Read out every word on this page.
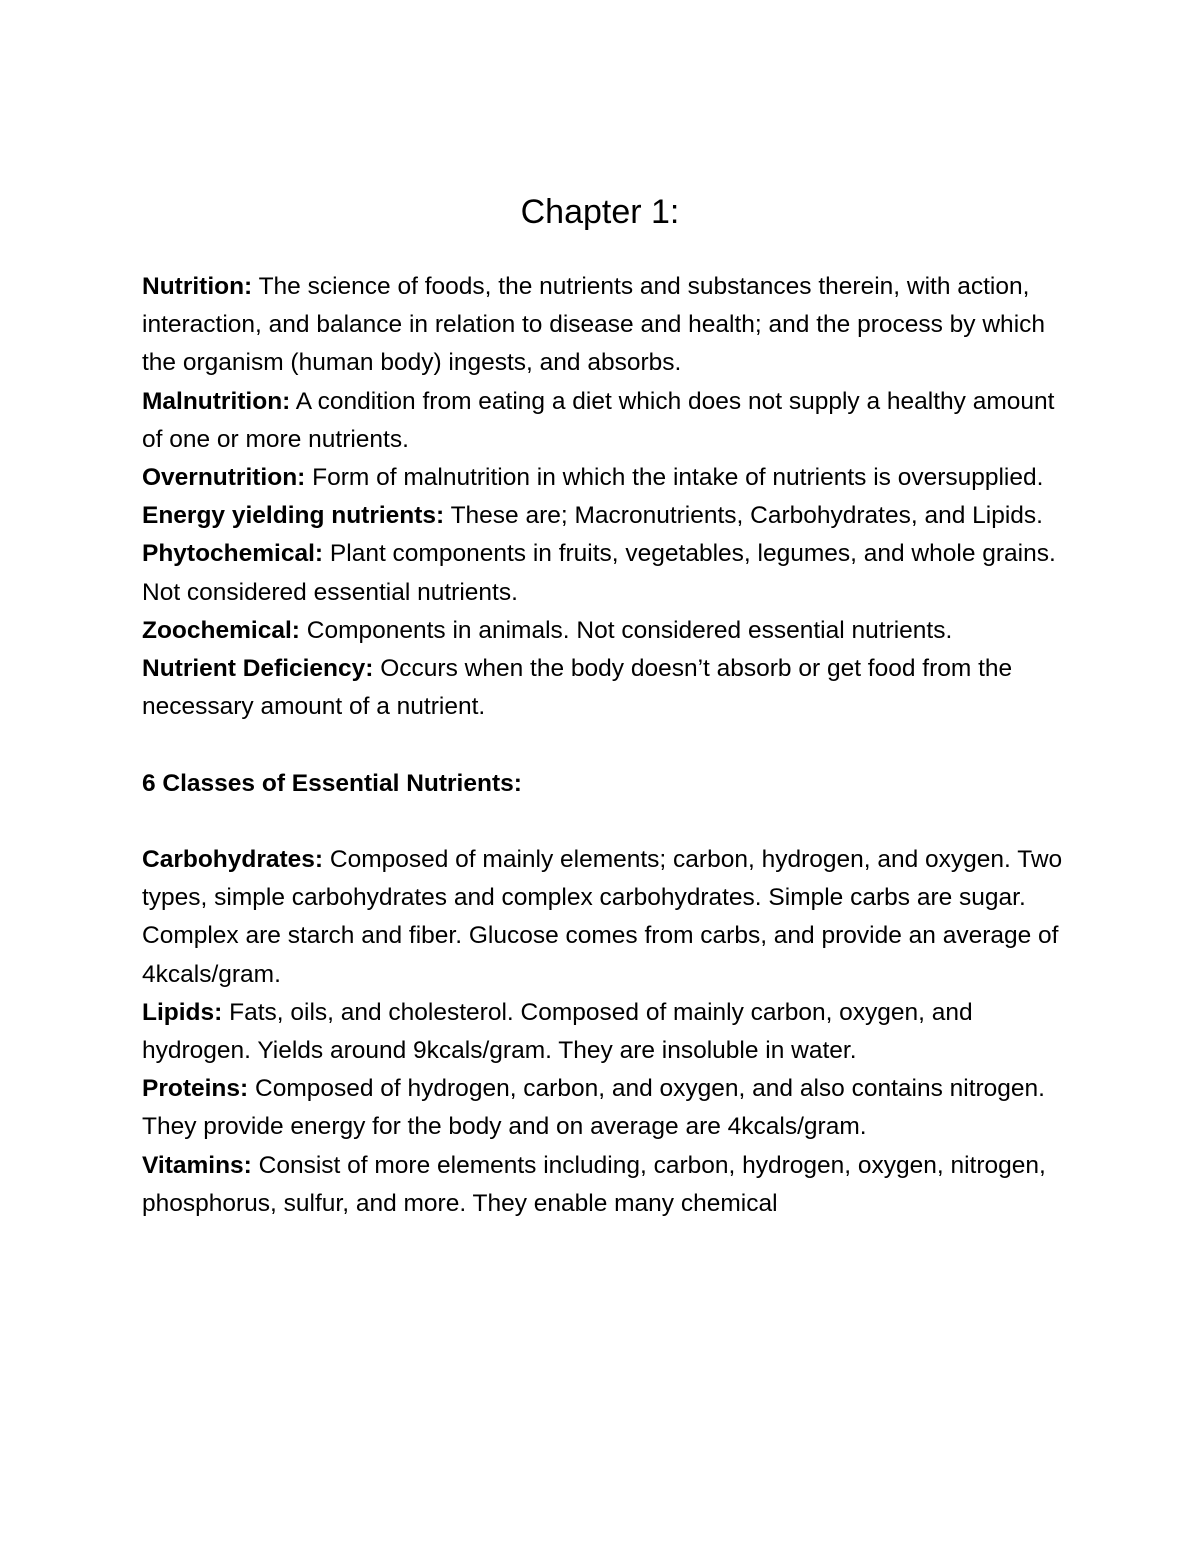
Chapter 1:

Nutrition: The science of foods, the nutrients and substances therein, with action, interaction, and balance in relation to disease and health; and the process by which the organism (human body) ingests, and absorbs.

Malnutrition: A condition from eating a diet which does not supply a healthy amount of one or more nutrients.

Overnutrition: Form of malnutrition in which the intake of nutrients is oversupplied.

Energy yielding nutrients: These are; Macronutrients, Carbohydrates, and Lipids.

Phytochemical: Plant components in fruits, vegetables, legumes, and whole grains. Not considered essential nutrients.

Zoochemical: Components in animals. Not considered essential nutrients.

Nutrient Deficiency: Occurs when the body doesn’t absorb or get food from the necessary amount of a nutrient.

6 Classes of Essential Nutrients:

Carbohydrates: Composed of mainly elements; carbon, hydrogen, and oxygen. Two types, simple carbohydrates and complex carbohydrates. Simple carbs are sugar. Complex are starch and fiber. Glucose comes from carbs, and provide an average of 4kcals/gram.

Lipids: Fats, oils, and cholesterol. Composed of mainly carbon, oxygen, and hydrogen. Yields around 9kcals/gram. They are insoluble in water.

Proteins: Composed of hydrogen, carbon, and oxygen, and also contains nitrogen. They provide energy for the body and on average are 4kcals/gram.

Vitamins: Consist of more elements including, carbon, hydrogen, oxygen, nitrogen, phosphorus, sulfur, and more. They enable many chemical
